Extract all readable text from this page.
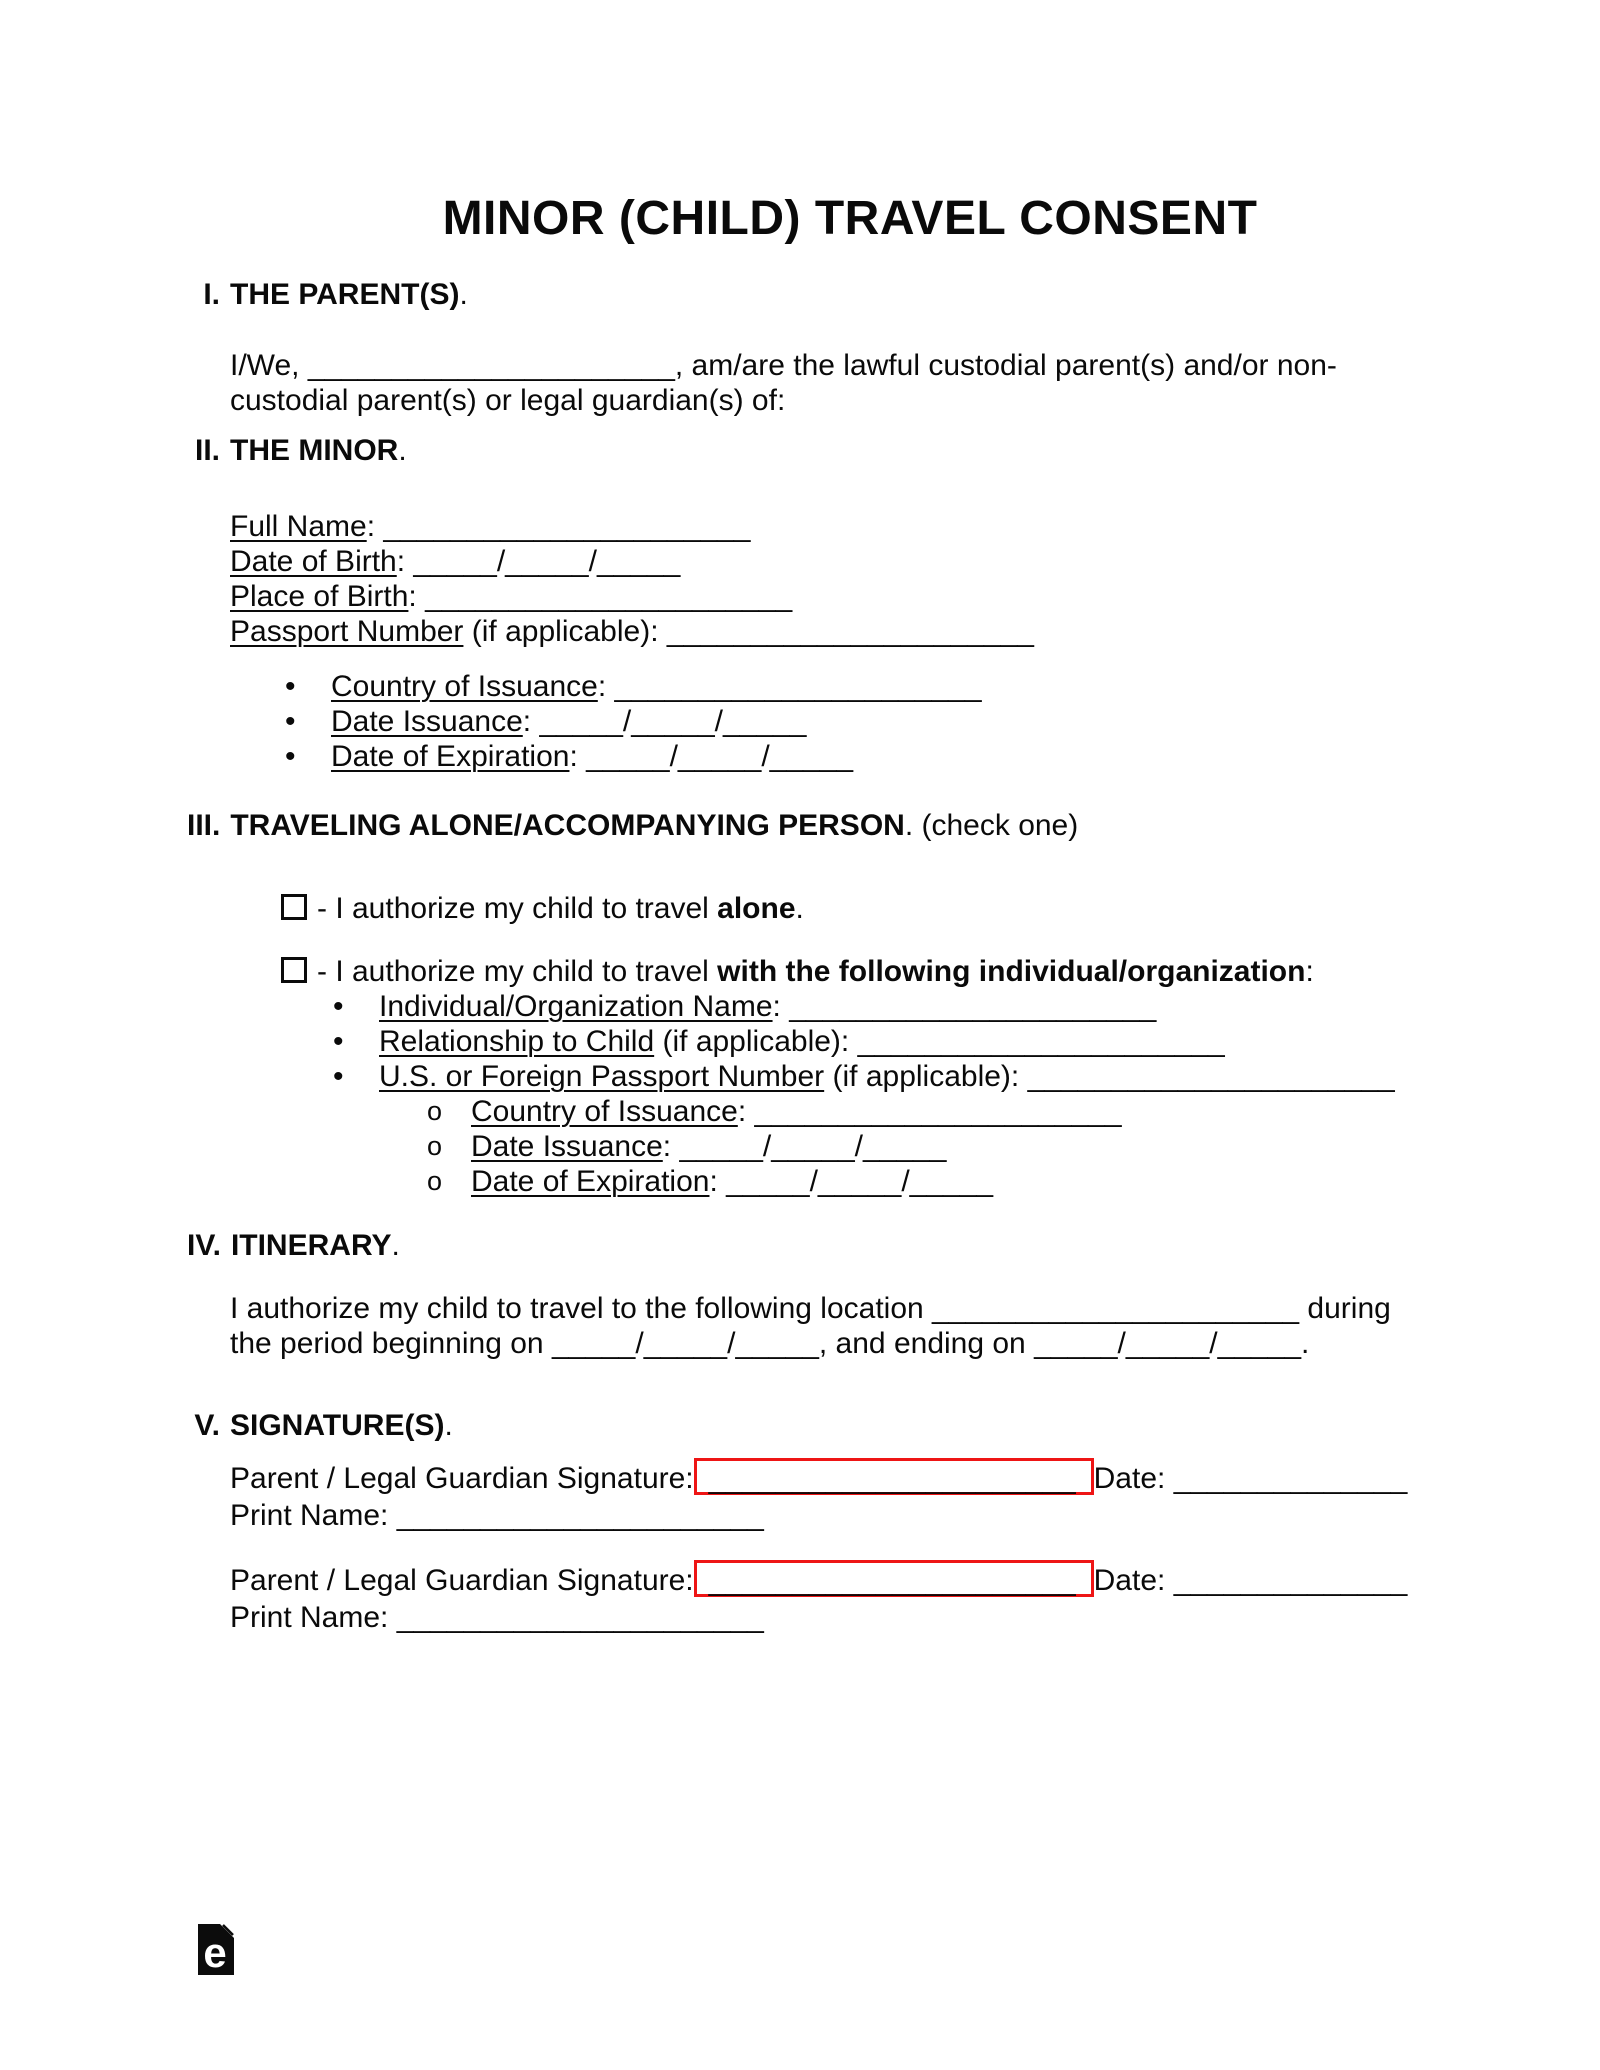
MINOR (CHILD) TRAVEL CONSENT
I. THE PARENT(S).
I/We, ______________________, am/are the lawful custodial parent(s) and/or non-
custodial parent(s) or legal guardian(s) of:
II. THE MINOR.
Full Name: ______________________
Date of Birth: _____/_____/_____
Place of Birth: ______________________
Passport Number (if applicable): ______________________
• Country of Issuance: ______________________
• Date Issuance: _____/_____/_____
• Date of Expiration: _____/_____/_____
III. TRAVELING ALONE/ACCOMPANYING PERSON. (check one)
- I authorize my child to travel alone.
- I authorize my child to travel with the following individual/organization:
• Individual/Organization Name: ______________________
• Relationship to Child (if applicable): ______________________
• U.S. or Foreign Passport Number (if applicable): ______________________
o Country of Issuance: ______________________
o Date Issuance: _____/_____/_____
o Date of Expiration: _____/_____/_____
IV. ITINERARY.
I authorize my child to travel to the following location ______________________ during
the period beginning on _____/_____/_____, and ending on _____/_____/_____.
V. SIGNATURE(S).
Parent / Legal Guardian Signature: ______________________ Date: ______________
Print Name: ______________________
Parent / Legal Guardian Signature: ______________________ Date: ______________
Print Name: ______________________
e
